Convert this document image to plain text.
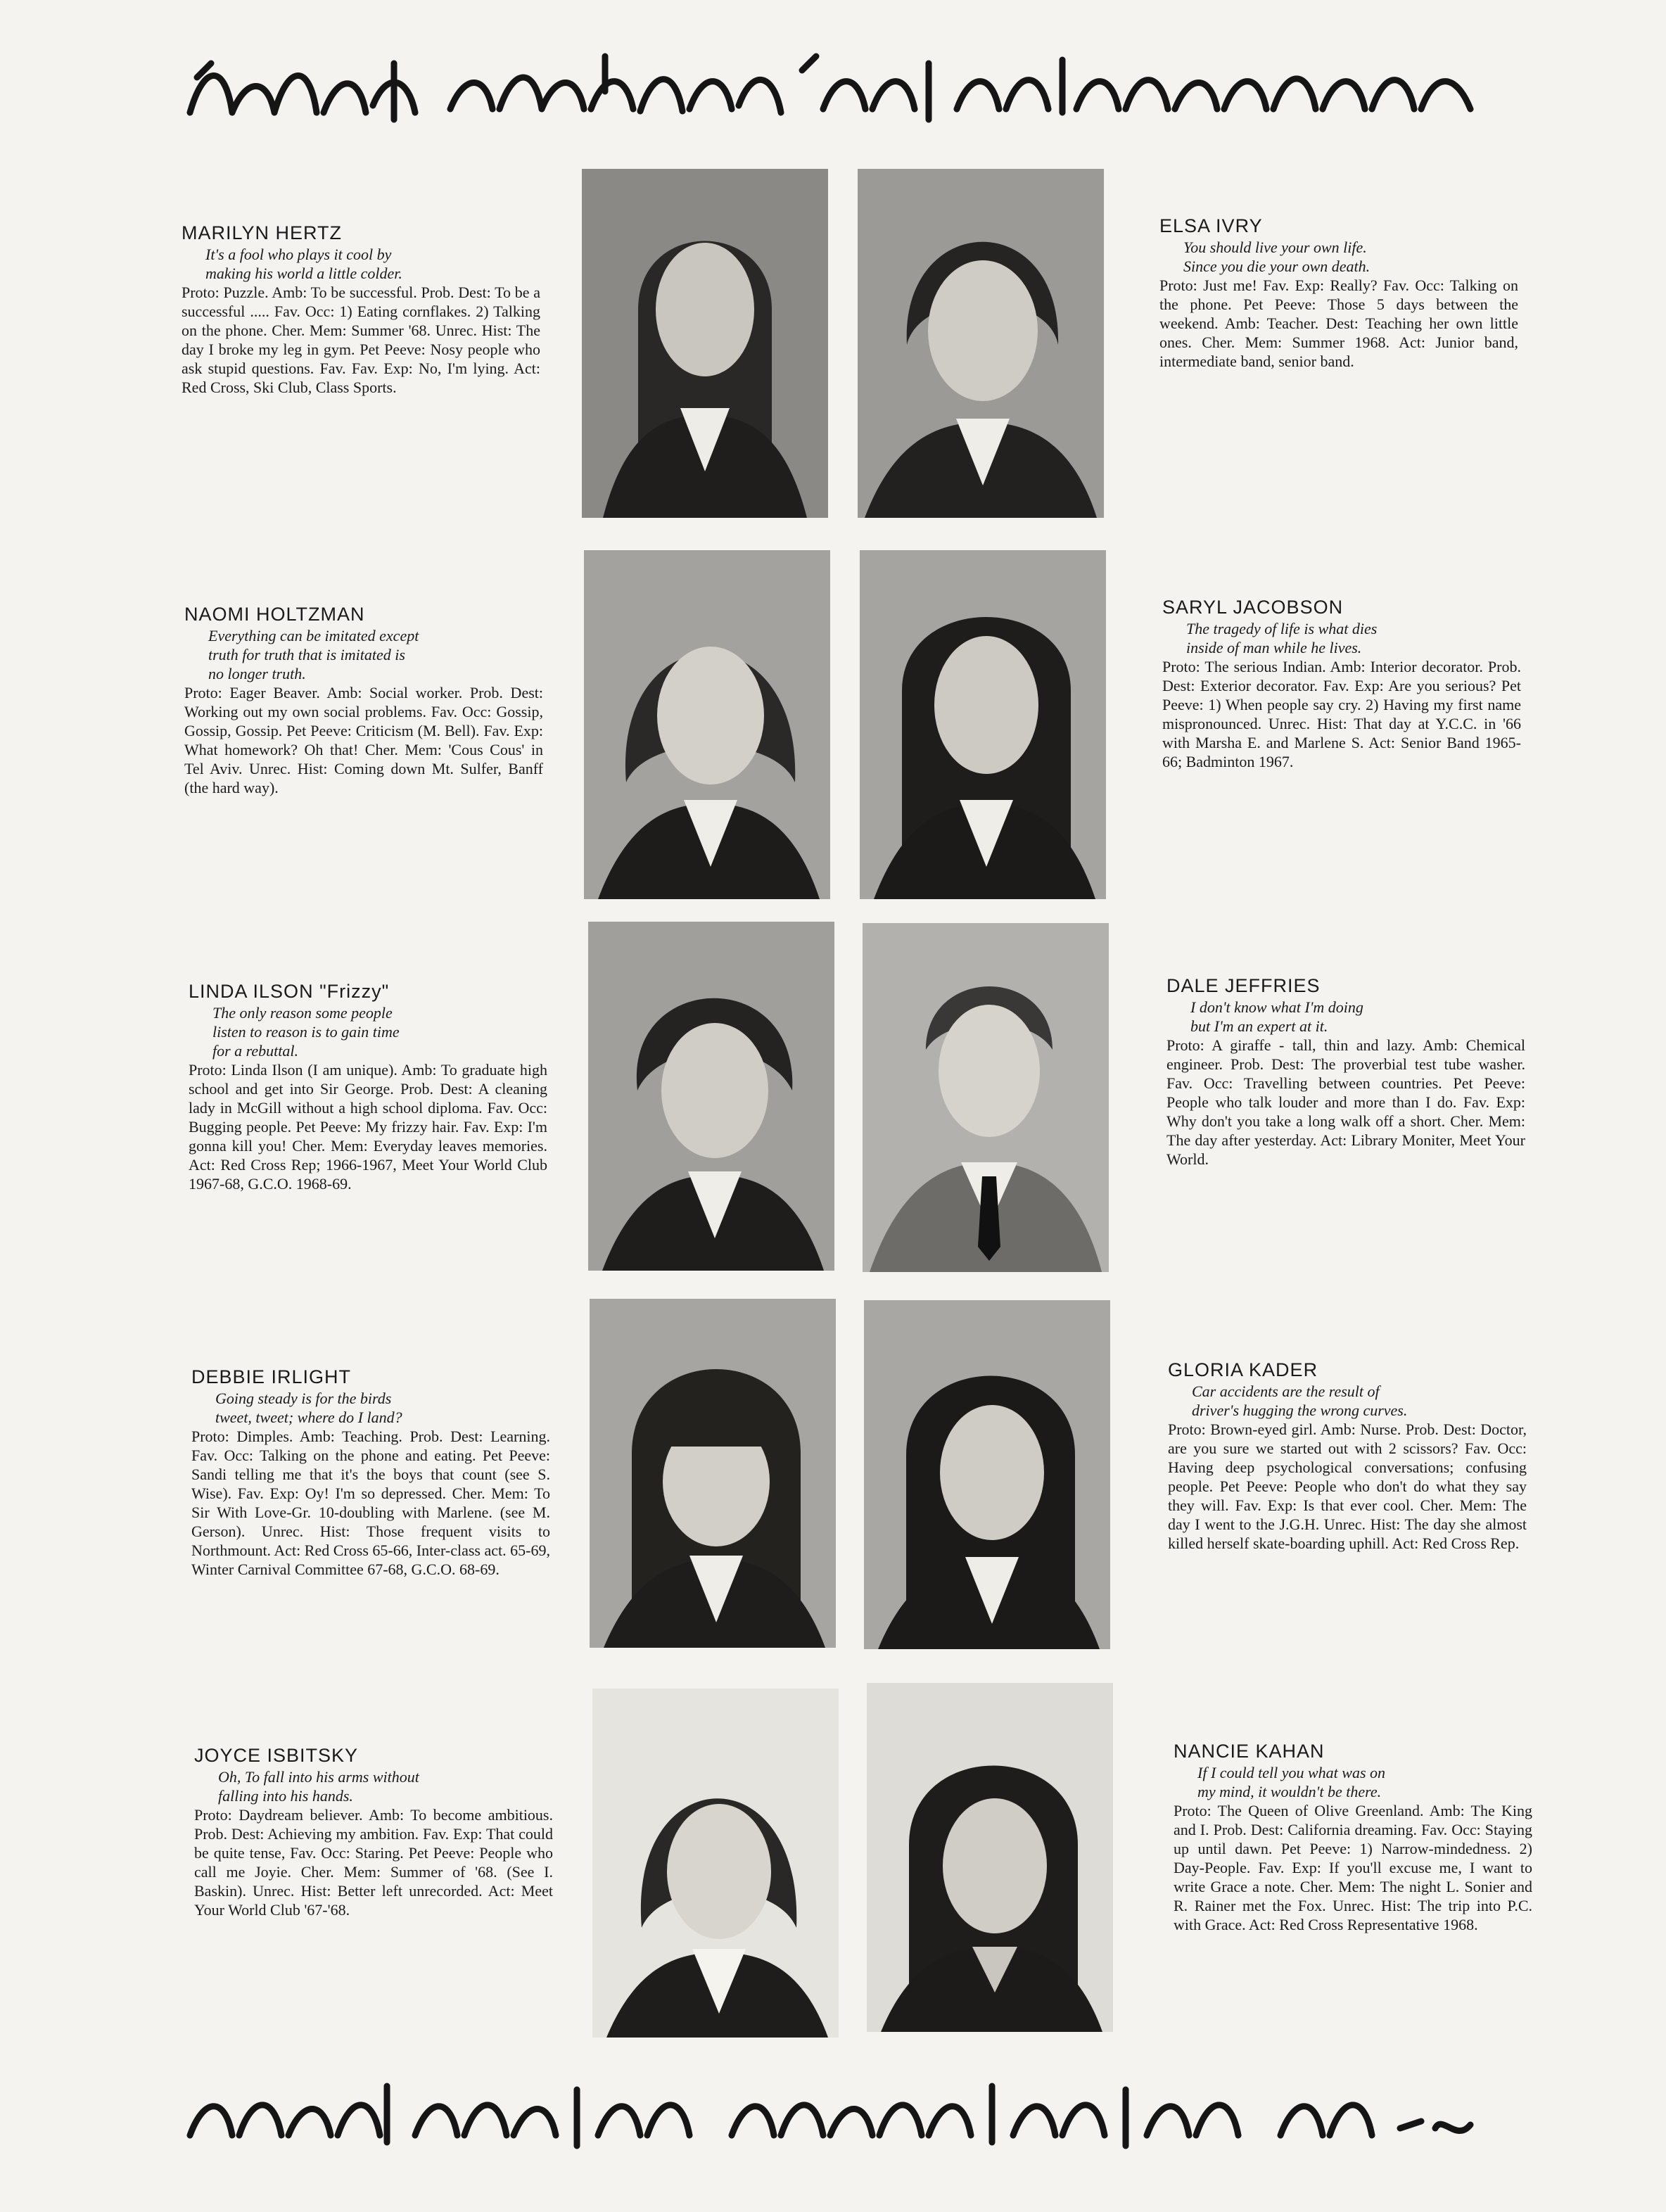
MARILYN HERTZ
It's a fool who plays it cool by
making his world a little colder.
Proto: Puzzle. Amb: To be successful. Prob. Dest: To be a successful ..... Fav. Occ: 1) Eating cornflakes. 2) Talking on the phone. Cher. Mem: Summer '68. Unrec. Hist: The day I broke my leg in gym. Pet Peeve: Nosy people who ask stupid questions. Fav. Fav. Exp: No, I'm lying. Act: Red Cross, Ski Club, Class Sports.
ELSA IVRY
You should live your own life.
Since you die your own death.
Proto: Just me! Fav. Exp: Really? Fav. Occ: Talking on the phone. Pet Peeve: Those 5 days between the weekend. Amb: Teacher. Dest: Teaching her own little ones. Cher. Mem: Summer 1968. Act: Junior band, intermediate band, senior band.
NAOMI HOLTZMAN
Everything can be imitated except
truth for truth that is imitated is
no longer truth.
Proto: Eager Beaver. Amb: Social worker. Prob. Dest: Working out my own social problems. Fav. Occ: Gossip, Gossip, Gossip. Pet Peeve: Criticism (M. Bell). Fav. Exp: What homework? Oh that! Cher. Mem: 'Cous Cous' in Tel Aviv. Unrec. Hist: Coming down Mt. Sulfer, Banff (the hard way).
SARYL JACOBSON
The tragedy of life is what dies
inside of man while he lives.
Proto: The serious Indian. Amb: Interior decorator. Prob. Dest: Exterior decorator. Fav. Exp: Are you serious? Pet Peeve: 1) When people say cry. 2) Having my first name mispronounced. Unrec. Hist: That day at Y.C.C. in '66 with Marsha E. and Marlene S. Act: Senior Band 1965-66; Badminton 1967.
LINDA ILSON "Frizzy"
The only reason some people
listen to reason is to gain time
for a rebuttal.
Proto: Linda Ilson (I am unique). Amb: To graduate high school and get into Sir George. Prob. Dest: A cleaning lady in McGill without a high school diploma. Fav. Occ: Bugging people. Pet Peeve: My frizzy hair. Fav. Exp: I'm gonna kill you! Cher. Mem: Everyday leaves memories. Act: Red Cross Rep; 1966-1967, Meet Your World Club 1967-68, G.C.O. 1968-69.
DALE JEFFRIES
I don't know what I'm doing
but I'm an expert at it.
Proto: A giraffe - tall, thin and lazy. Amb: Chemical engineer. Prob. Dest: The proverbial test tube washer. Fav. Occ: Travelling between countries. Pet Peeve: People who talk louder and more than I do. Fav. Exp: Why don't you take a long walk off a short. Cher. Mem: The day after yesterday. Act: Library Moniter, Meet Your World.
DEBBIE IRLIGHT
Going steady is for the birds
tweet, tweet; where do I land?
Proto: Dimples. Amb: Teaching. Prob. Dest: Learning. Fav. Occ: Talking on the phone and eating. Pet Peeve: Sandi telling me that it's the boys that count (see S. Wise). Fav. Exp: Oy! I'm so depressed. Cher. Mem: To Sir With Love-Gr. 10-doubling with Marlene. (see M. Gerson). Unrec. Hist: Those frequent visits to Northmount. Act: Red Cross 65-66, Inter-class act. 65-69, Winter Carnival Committee 67-68, G.C.O. 68-69.
GLORIA KADER
Car accidents are the result of
driver's hugging the wrong curves.
Proto: Brown-eyed girl. Amb: Nurse. Prob. Dest: Doctor, are you sure we started out with 2 scissors? Fav. Occ: Having deep psychological conversations; confusing people. Pet Peeve: People who don't do what they say they will. Fav. Exp: Is that ever cool. Cher. Mem: The day I went to the J.G.H. Unrec. Hist: The day she almost killed herself skate-boarding uphill. Act: Red Cross Rep.
JOYCE ISBITSKY
Oh, To fall into his arms without
falling into his hands.
Proto: Daydream believer. Amb: To become ambitious. Prob. Dest: Achieving my ambition. Fav. Exp: That could be quite tense, Fav. Occ: Staring. Pet Peeve: People who call me Joyie. Cher. Mem: Summer of '68. (See I. Baskin). Unrec. Hist: Better left unrecorded. Act: Meet Your World Club '67-'68.
NANCIE KAHAN
If I could tell you what was on
my mind, it wouldn't be there.
Proto: The Queen of Olive Greenland. Amb: The King and I. Prob. Dest: California dreaming. Fav. Occ: Staying up until dawn. Pet Peeve: 1) Narrow-mindedness. 2) Day-People. Fav. Exp: If you'll excuse me, I want to write Grace a note. Cher. Mem: The night L. Sonier and R. Rainer met the Fox. Unrec. Hist: The trip into P.C. with Grace. Act: Red Cross Representative 1968.
